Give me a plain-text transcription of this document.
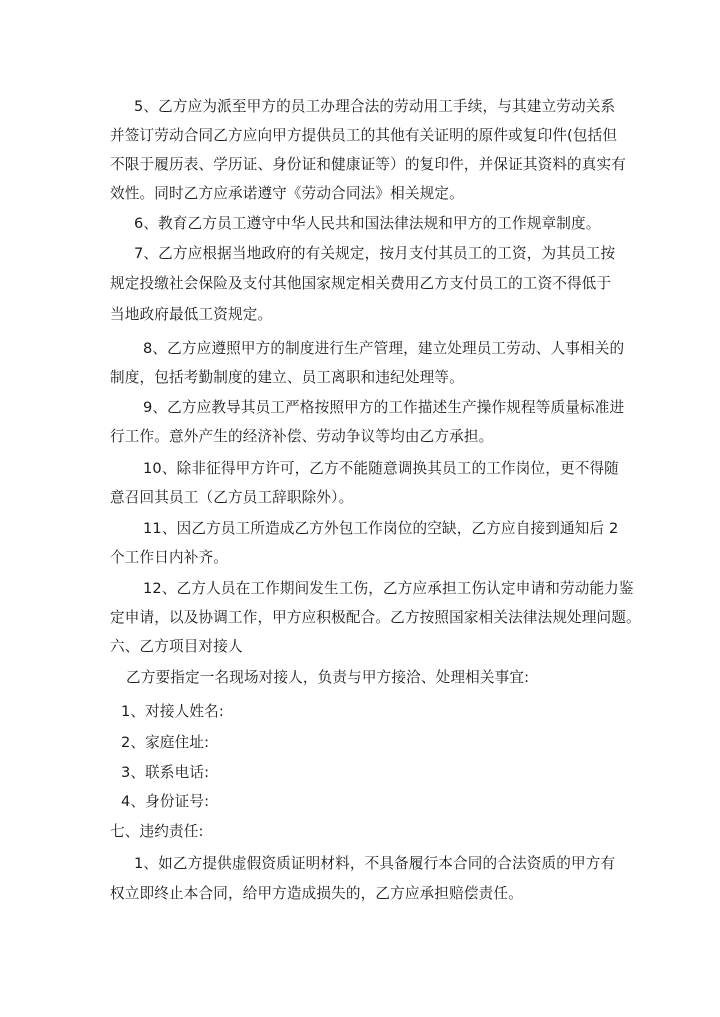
5、乙方应为派至甲方的员工办理合法的劳动用工手续，与其建立劳动关系
并签订劳动合同乙方应向甲方提供员工的其他有关证明的原件或复印件(包括但
不限于履历表、学历证、身份证和健康证等）的复印件，并保证其资料的真实有
效性。同时乙方应承诺遵守《劳动合同法》相关规定。
6、教育乙方员工遵守中华人民共和国法律法规和甲方的工作规章制度。
7、乙方应根据当地政府的有关规定，按月支付其员工的工资，为其员工按
规定投缴社会保险及支付其他国家规定相关费用乙方支付员工的工资不得低于
当地政府最低工资规定。
8、乙方应遵照甲方的制度进行生产管理，建立处理员工劳动、人事相关的
制度，包括考勤制度的建立、员工离职和违纪处理等。
9、乙方应教导其员工严格按照甲方的工作描述生产操作规程等质量标准进
行工作。意外产生的经济补偿、劳动争议等均由乙方承担。
10、除非征得甲方许可，乙方不能随意调换其员工的工作岗位，更不得随
意召回其员工（乙方员工辞职除外）。
11、因乙方员工所造成乙方外包工作岗位的空缺，乙方应自接到通知后 2
个工作日内补齐。
12、乙方人员在工作期间发生工伤，乙方应承担工伤认定申请和劳动能力鉴
定申请，以及协调工作，甲方应积极配合。乙方按照国家相关法律法规处理问题。
六、乙方项目对接人
乙方要指定一名现场对接人，负责与甲方接洽、处理相关事宜:
1、对接人姓名:
2、家庭住址:
3、联系电话:
4、身份证号:
七、违约责任:
1、如乙方提供虚假资质证明材料，不具备履行本合同的合法资质的甲方有
权立即终止本合同，给甲方造成损失的，乙方应承担赔偿责任。
